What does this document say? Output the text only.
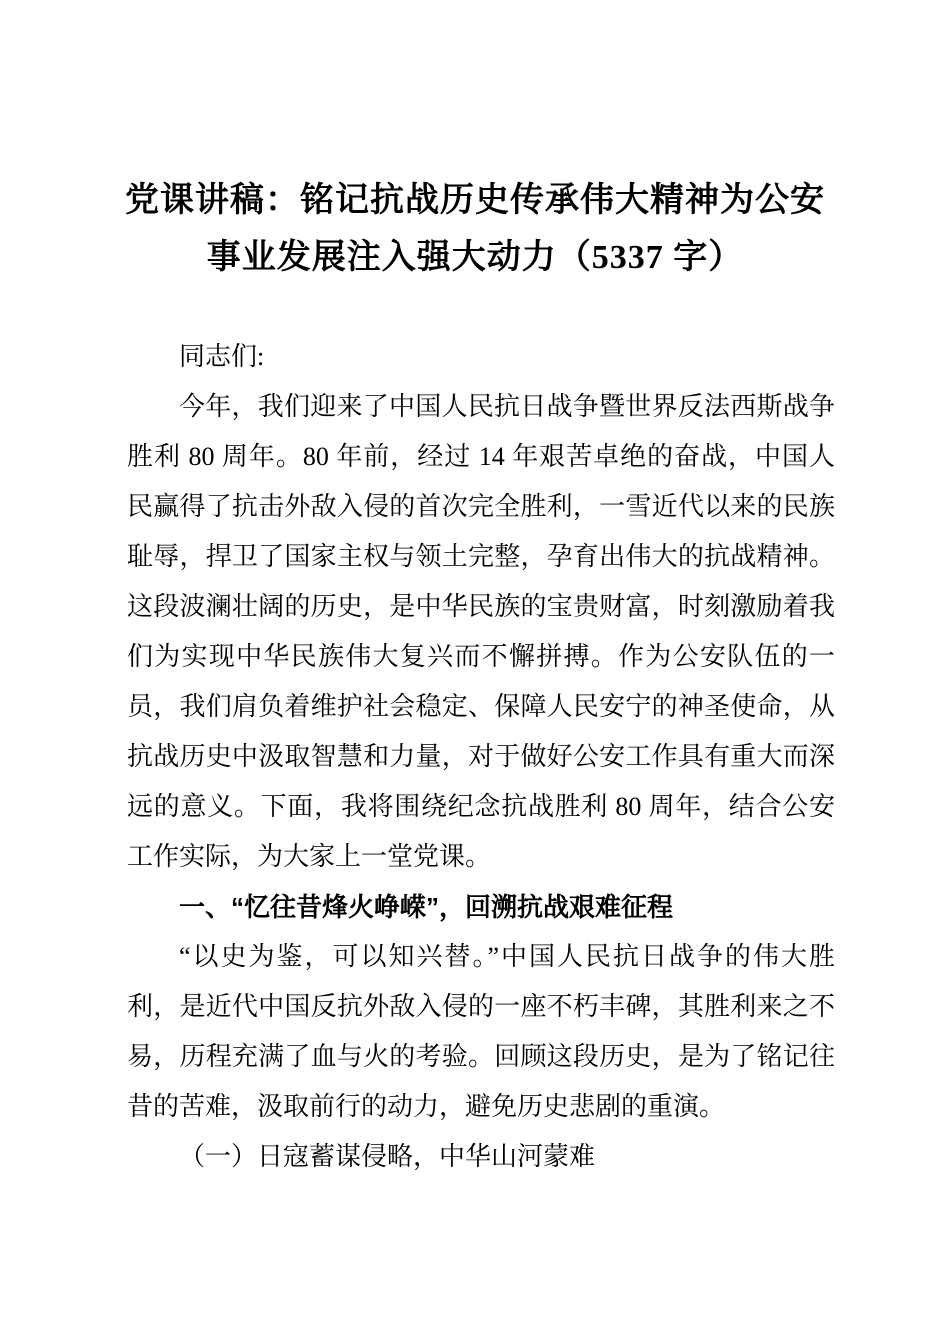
党课讲稿：铭记抗战历史传承伟大精神为公安
事业发展注入强大动力（5337 字）

同志们:

今年，我们迎来了中国人民抗日战争暨世界反法西斯战争胜利 80 周年。80 年前，经过 14 年艰苦卓绝的奋战，中国人民赢得了抗击外敌入侵的首次完全胜利，一雪近代以来的民族耻辱，捍卫了国家主权与领土完整，孕育出伟大的抗战精神。这段波澜壮阔的历史，是中华民族的宝贵财富，时刻激励着我们为实现中华民族伟大复兴而不懈拼搏。作为公安队伍的一员，我们肩负着维护社会稳定、保障人民安宁的神圣使命，从抗战历史中汲取智慧和力量，对于做好公安工作具有重大而深远的意义。下面，我将围绕纪念抗战胜利 80 周年，结合公安工作实际，为大家上一堂党课。

一、“忆往昔烽火峥嵘”，回溯抗战艰难征程

“以史为鉴，可以知兴替。”中国人民抗日战争的伟大胜利，是近代中国反抗外敌入侵的一座不朽丰碑，其胜利来之不易，历程充满了血与火的考验。回顾这段历史，是为了铭记往昔的苦难，汲取前行的动力，避免历史悲剧的重演。

（一）日寇蓄谋侵略，中华山河蒙难
